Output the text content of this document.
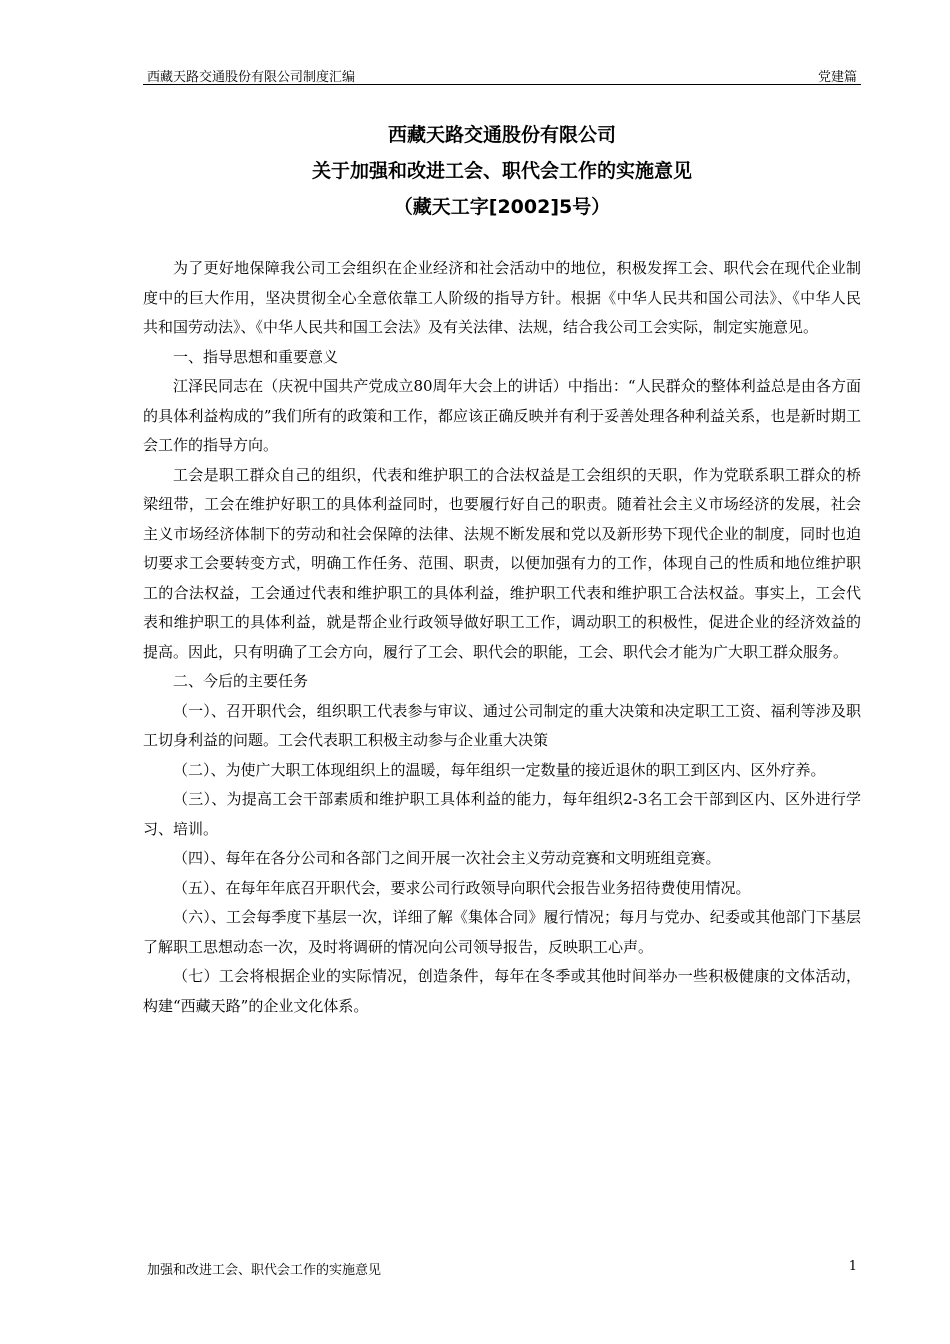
西藏天路交通股份有限公司制度汇编	党建篇
西藏天路交通股份有限公司
关于加强和改进工会、职代会工作的实施意见
（藏天工字[2002]5号）

为了更好地保障我公司工会组织在企业经济和社会活动中的地位，积极发挥工会、职代会在现代企业制度中的巨大作用，坚决贯彻全心全意依靠工人阶级的指导方针。根据《中华人民共和国公司法》、《中华人民共和国劳动法》、《中华人民共和国工会法》及有关法律、法规，结合我公司工会实际，制定实施意见。

一、指导思想和重要意义

江泽民同志在（庆祝中国共产党成立80周年大会上的讲话）中指出：“人民群众的整体利益总是由各方面的具体利益构成的”我们所有的政策和工作，都应该正确反映并有利于妥善处理各种利益关系，也是新时期工会工作的指导方向。

工会是职工群众自己的组织，代表和维护职工的合法权益是工会组织的天职，作为党联系职工群众的桥梁纽带，工会在维护好职工的具体利益同时，也要履行好自己的职责。随着社会主义市场经济的发展，社会主义市场经济体制下的劳动和社会保障的法律、法规不断发展和党以及新形势下现代企业的制度，同时也迫切要求工会要转变方式，明确工作任务、范围、职责，以便加强有力的工作，体现自己的性质和地位维护职工的合法权益，工会通过代表和维护职工的具体利益，维护职工代表和维护职工合法权益。事实上，工会代表和维护职工的具体利益，就是帮企业行政领导做好职工工作，调动职工的积极性，促进企业的经济效益的提高。因此，只有明确了工会方向，履行了工会、职代会的职能，工会、职代会才能为广大职工群众服务。

二、今后的主要任务

（一）、召开职代会，组织职工代表参与审议、通过公司制定的重大决策和决定职工工资、福利等涉及职工切身利益的问题。工会代表职工积极主动参与企业重大决策

（二）、为使广大职工体现组织上的温暖，每年组织一定数量的接近退休的职工到区内、区外疗养。

（三）、为提高工会干部素质和维护职工具体利益的能力，每年组织2-3名工会干部到区内、区外进行学习、培训。

（四）、每年在各分公司和各部门之间开展一次社会主义劳动竞赛和文明班组竞赛。

（五）、在每年年底召开职代会，要求公司行政领导向职代会报告业务招待费使用情况。

（六）、工会每季度下基层一次，详细了解《集体合同》履行情况；每月与党办、纪委或其他部门下基层了解职工思想动态一次，及时将调研的情况向公司领导报告，反映职工心声。

（七）工会将根据企业的实际情况，创造条件，每年在冬季或其他时间举办一些积极健康的文体活动，构建“西藏天路”的企业文化体系。

加强和改进工会、职代会工作的实施意见	1
